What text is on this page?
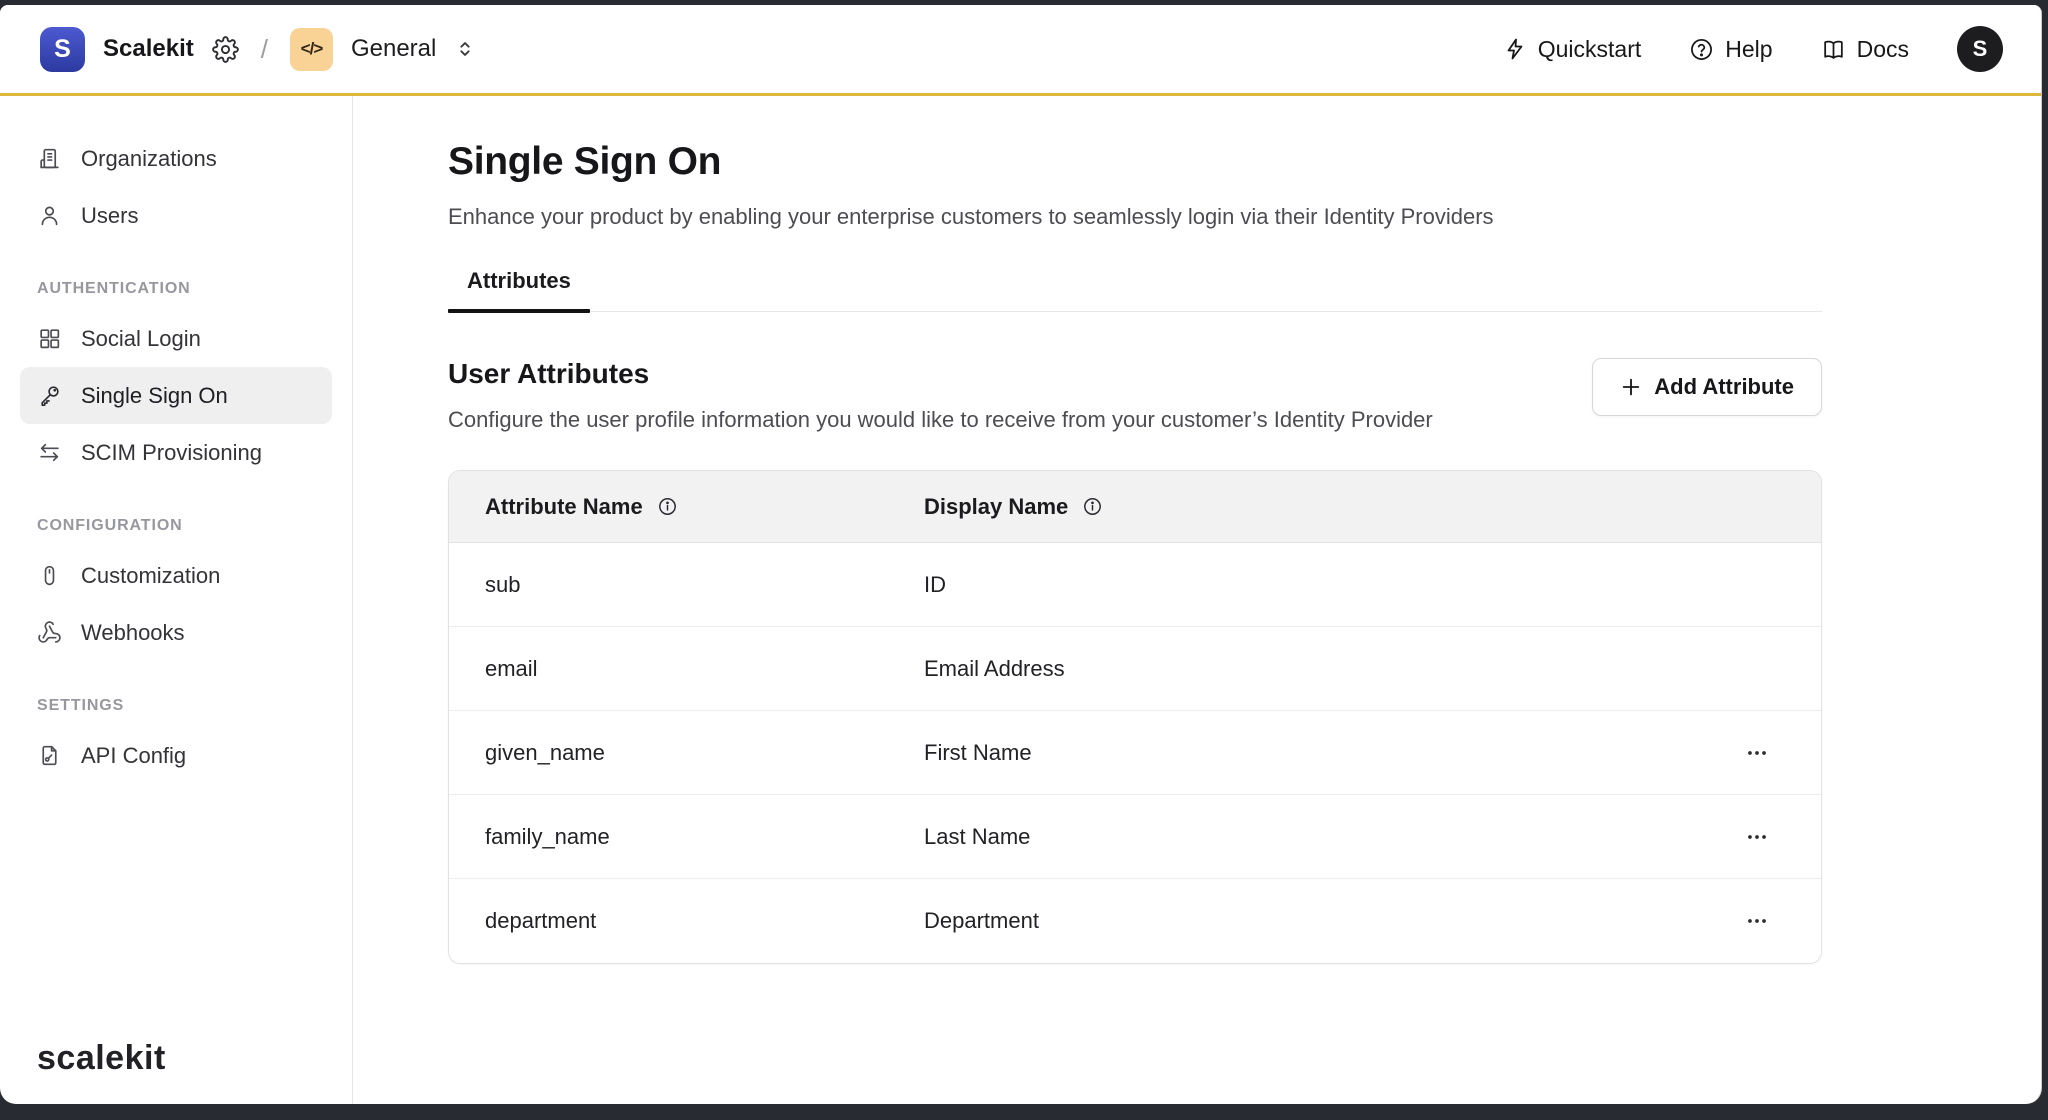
S	Scalekit	/	</>	General	Quickstart	Help	Docs	S
Organizations
Users
AUTHENTICATION
Social Login
Single Sign On
SCIM Provisioning
CONFIGURATION
Customization
Webhooks
SETTINGS
API Config
scalekit
Single Sign On

Enhance your product by enabling your enterprise customers to seamlessly login via their Identity Providers

Attributes
User Attributes

Configure the user profile information you would like to receive from your customer’s Identity Provider

Add Attribute
Attribute Name	Display Name
sub	ID
email	Email Address
given_name	First Name
family_name	Last Name
department	Department
